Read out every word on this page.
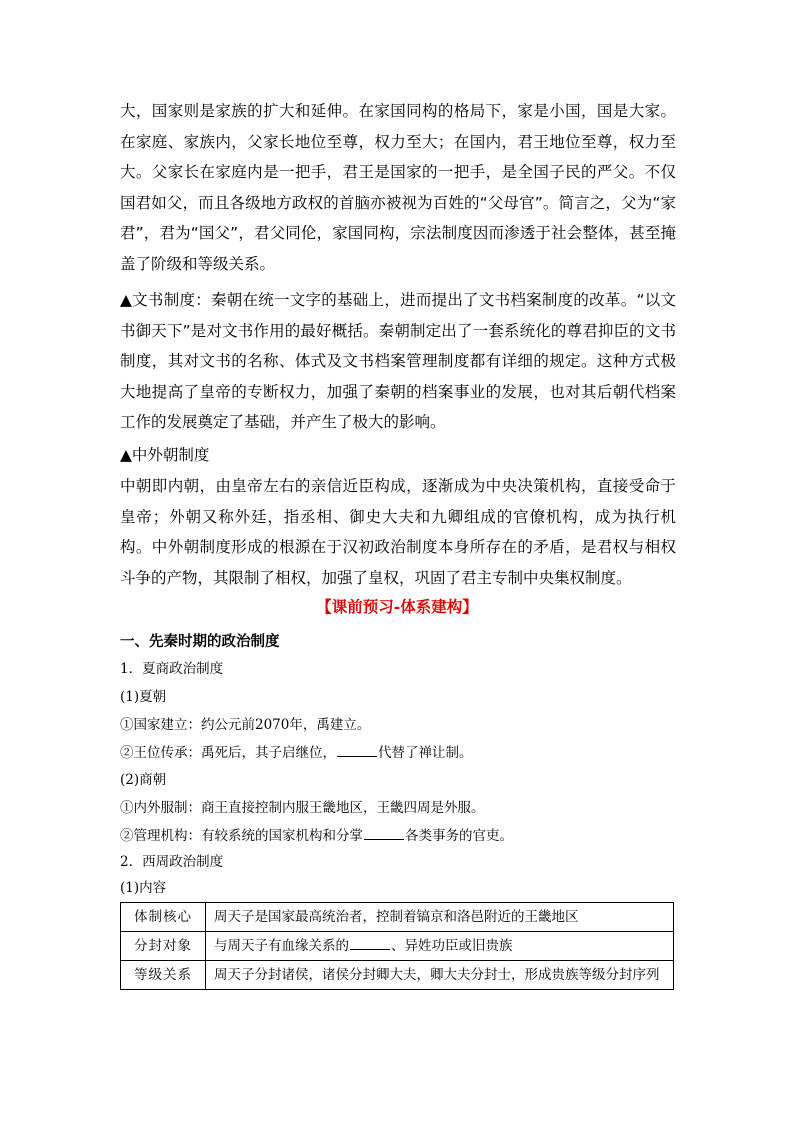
大，国家则是家族的扩大和延伸。在家国同构的格局下，家是小国，国是大家。在家庭、家族内，父家长地位至尊，权力至大；在国内，君王地位至尊，权力至大。父家长在家庭内是一把手，君王是国家的一把手，是全国子民的严父。不仅国君如父，而且各级地方政权的首脑亦被视为百姓的“父母官”。简言之，父为“家君”，君为“国父”，君父同伦，家国同构，宗法制度因而渗透于社会整体，甚至掩盖了阶级和等级关系。

▲文书制度：秦朝在统一文字的基础上，进而提出了文书档案制度的改革。“以文书御天下”是对文书作用的最好概括。秦朝制定出了一套系统化的尊君抑臣的文书制度，其对文书的名称、体式及文书档案管理制度都有详细的规定。这种方式极大地提高了皇帝的专断权力，加强了秦朝的档案事业的发展，也对其后朝代档案工作的发展奠定了基础，并产生了极大的影响。

▲中外朝制度

中朝即内朝，由皇帝左右的亲信近臣构成，逐渐成为中央决策机构，直接受命于皇帝；外朝又称外廷，指丞相、御史大夫和九卿组成的官僚机构，成为执行机构。中外朝制度形成的根源在于汉初政治制度本身所存在的矛盾，是君权与相权斗争的产物，其限制了相权，加强了皇权，巩固了君主专制中央集权制度。

【课前预习-体系建构】

一、先秦时期的政治制度

1．夏商政治制度

(1)夏朝

①国家建立：约公元前2070年，禹建立。

②王位传承：禹死后，其子启继位，	代替了禅让制。

(2)商朝

①内外服制：商王直接控制内服王畿地区，王畿四周是外服。

②管理机构：有较系统的国家机构和分掌	各类事务的官吏。

2．西周政治制度

(1)内容

体制核心	周天子是国家最高统治者，控制着镐京和洛邑附近的王畿地区
分封对象	与周天子有血缘关系的 、异姓功臣或旧贵族
等级关系	周天子分封诸侯，诸侯分封卿大夫，卿大夫分封士，形成贵族等级分封序列
